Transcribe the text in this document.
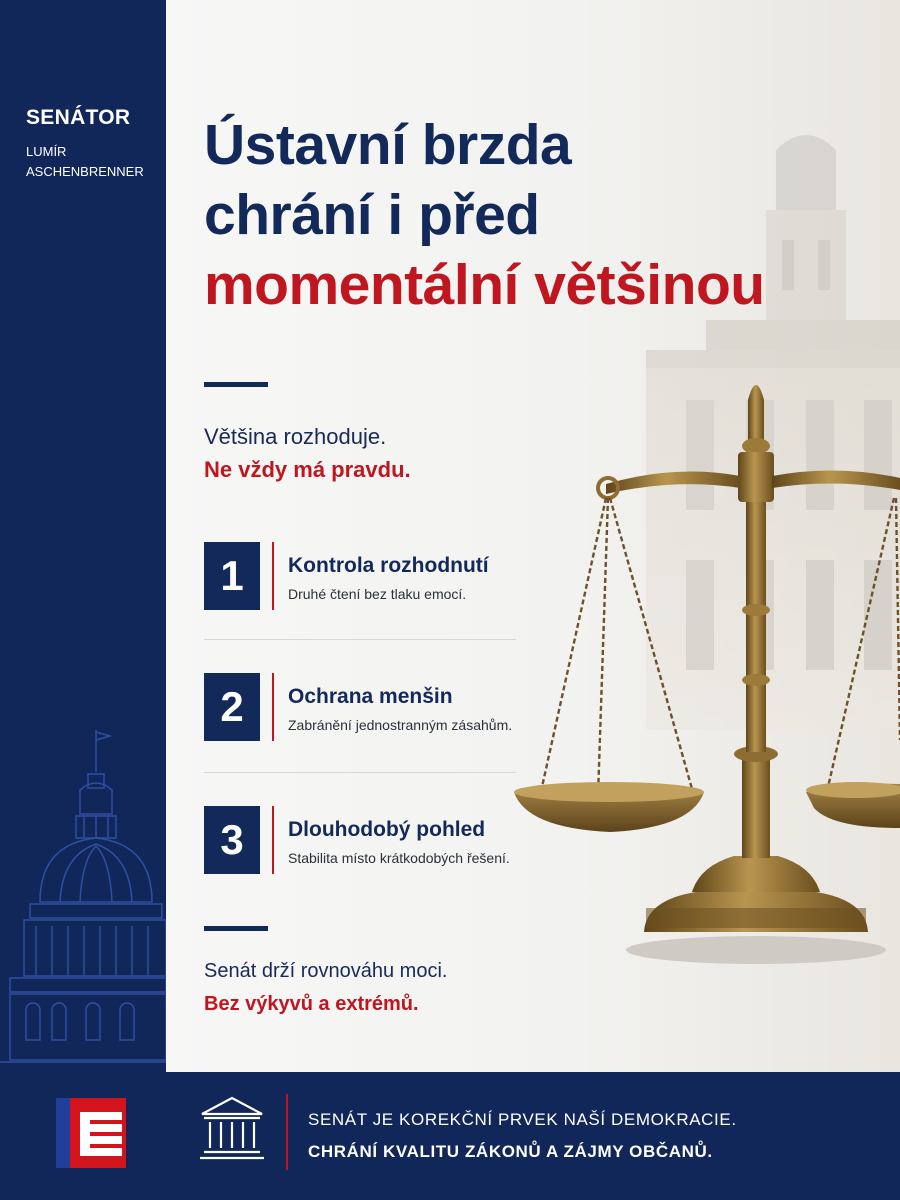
SENÁTOR
LUMÍR
ASCHENBRENNER Ústavní brzda
chrání i před
momentální většinou
Většina rozhoduje.
Ne vždy má pravdu.
1	Kontrola rozhodnutí
Druhé čtení bez tlaku emocí.
2	Ochrana menšin
Zabránění jednostranným zásahům.
3	Dlouhodobý pohled
Stabilita místo krátkodobých řešení.
Senát drží rovnováhu moci.
Bez výkyvů a extrémů.
SENÁT JE KOREKČNÍ PRVEK NAŠÍ DEMOKRACIE.
CHRÁNÍ KVALITU ZÁKONŮ A ZÁJMY OBČANŮ.
